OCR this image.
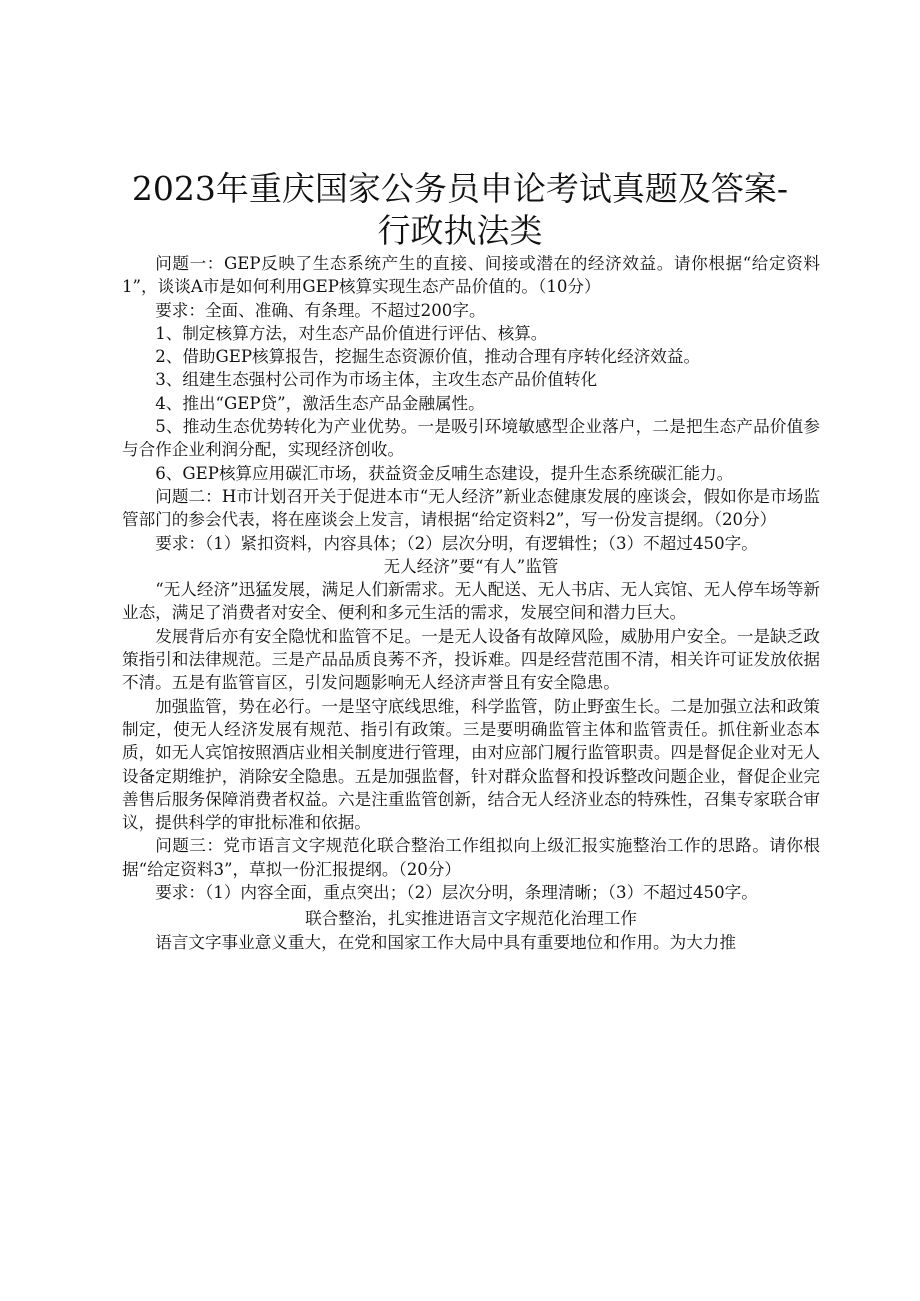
2023年重庆国家公务员申论考试真题及答案-
行政执法类

问题一：GEP反映了生态系统产生的直接、间接或潜在的经济效益。请你根据“给定资料1”，谈谈A市是如何利用GEP核算实现生态产品价值的。（10分）

要求：全面、准确、有条理。不超过200字。

1、制定核算方法，对生态产品价值进行评估、核算。

2、借助GEP核算报告，挖掘生态资源价值，推动合理有序转化经济效益。

3、组建生态强村公司作为市场主体，主攻生态产品价值转化

4、推出“GEP贷”，激活生态产品金融属性。

5、推动生态优势转化为产业优势。一是吸引环境敏感型企业落户，二是把生态产品价值参与合作企业利润分配，实现经济创收。

6、GEP核算应用碳汇市场，获益资金反哺生态建设，提升生态系统碳汇能力。

问题二：H市计划召开关于促进本市“无人经济”新业态健康发展的座谈会，假如你是市场监管部门的参会代表，将在座谈会上发言，请根据“给定资料2”，写一份发言提纲。（20分）

要求：（1）紧扣资料，内容具体；（2）层次分明，有逻辑性；（3）不超过450字。

无人经济”要“有人”监管

“无人经济”迅猛发展，满足人们新需求。无人配送、无人书店、无人宾馆、无人停车场等新业态，满足了消费者对安全、便利和多元生活的需求，发展空间和潜力巨大。

发展背后亦有安全隐忧和监管不足。一是无人设备有故障风险，威胁用户安全。一是缺乏政策指引和法律规范。三是产品品质良莠不齐，投诉难。四是经营范围不清，相关许可证发放依据不清。五是有监管盲区，引发问题影响无人经济声誉且有安全隐患。

加强监管，势在必行。一是坚守底线思维，科学监管，防止野蛮生长。二是加强立法和政策制定，使无人经济发展有规范、指引有政策。三是要明确监管主体和监管责任。抓住新业态本质，如无人宾馆按照酒店业相关制度进行管理，由对应部门履行监管职责。四是督促企业对无人设备定期维护，消除安全隐患。五是加强监督，针对群众监督和投诉整改问题企业，督促企业完善售后服务保障消费者权益。六是注重监管创新，结合无人经济业态的特殊性，召集专家联合审议，提供科学的审批标准和依据。

问题三：党市语言文字规范化联合整治工作组拟向上级汇报实施整治工作的思路。请你根据“给定资料3”，草拟一份汇报提纲。（20分）

要求：（1）内容全面，重点突出；（2）层次分明，条理清晰；（3）不超过450字。

联合整治，扎实推进语言文字规范化治理工作

语言文字事业意义重大，在党和国家工作大局中具有重要地位和作用。为大力推
